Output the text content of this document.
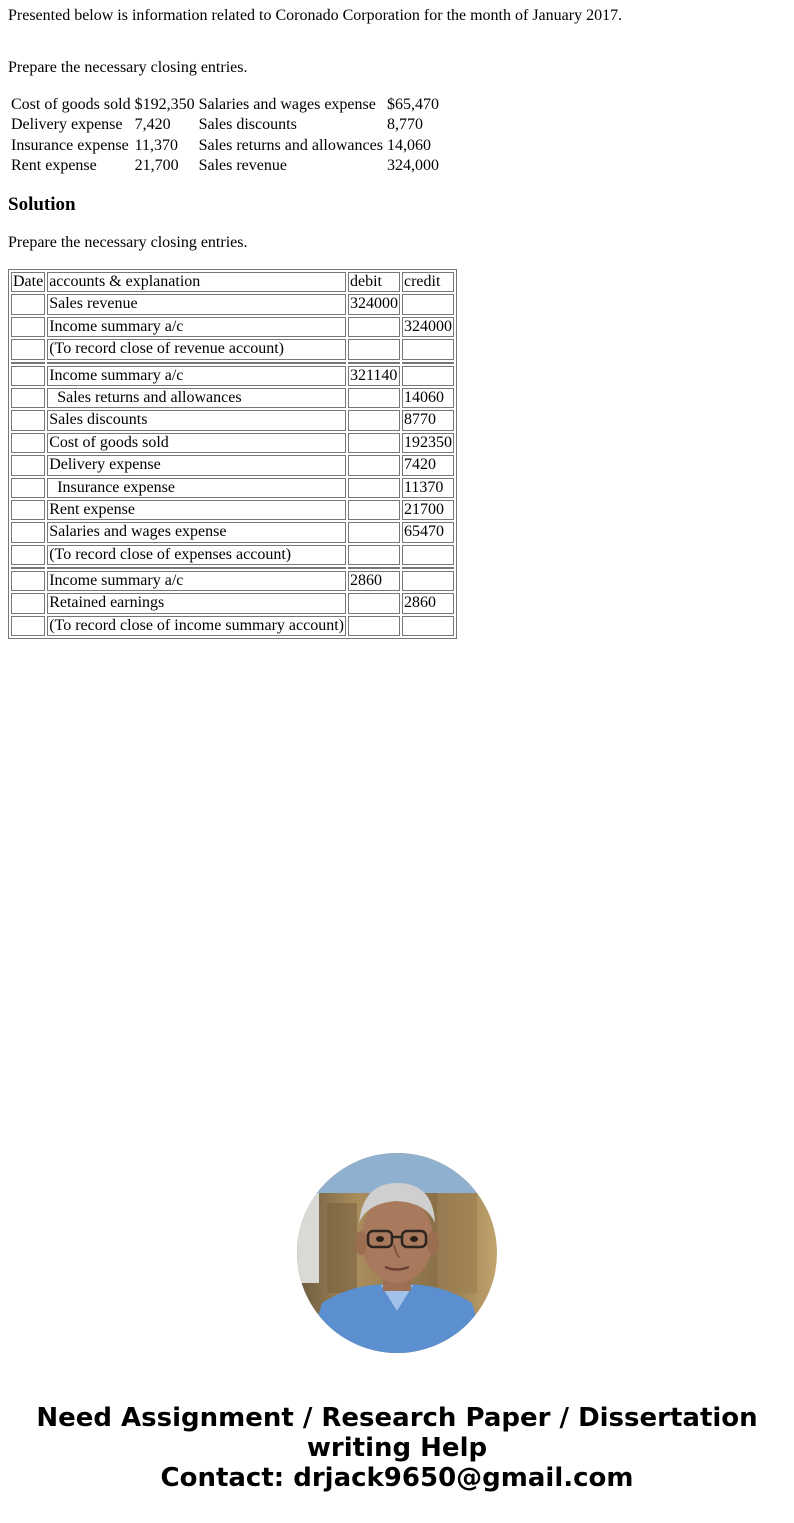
Presented below is information related to Coronado Corporation for the month of January 2017.

Prepare the necessary closing entries.

Cost of goods sold	$192,350	Salaries and wages expense	$65,470
Delivery expense	7,420	Sales discounts	8,770
Insurance expense	11,370	Sales returns and allowances	14,060
Rent expense	21,700	Sales revenue	324,000
Solution

Prepare the necessary closing entries.

Date	accounts & explanation	debit	credit
	Sales revenue	324000	
	Income summary a/c		324000
	(To record close of revenue account)		

	Income summary a/c	321140	
	Sales returns and allowances		14060
	Sales discounts		8770
	Cost of goods sold		192350
	Delivery expense		7420
	Insurance expense		11370
	Rent expense		21700
	Salaries and wages expense		65470
	(To record close of expenses account)		

	Income summary a/c	2860	
	Retained earnings		2860
	(To record close of income summary account)		
Need Assignment / Research Paper / Dissertation
writing Help
Contact: drjack9650@gmail.com
